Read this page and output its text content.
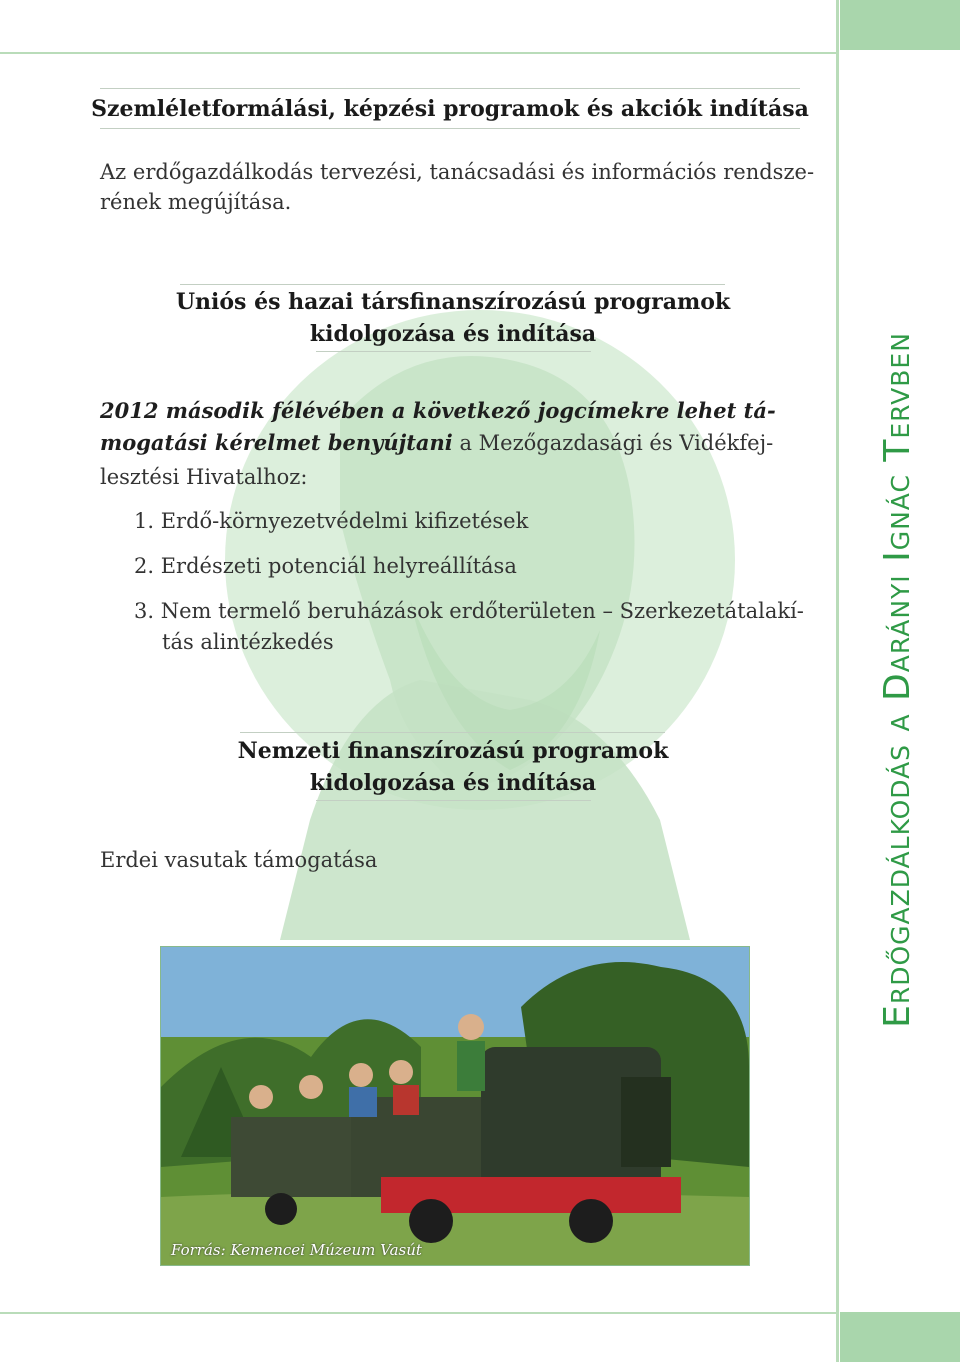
Erdőgazdálkodás a Darányi Ignác Tervben
Szemléletformálási, képzési programok és akciók indítása
Az erdőgazdálkodás tervezési, tanácsadási és információs rendsze-
rének megújítása.
Uniós és hazai társfinanszírozású programok
kidolgozása és indítása
2012 második félévében a következő jogcímekre lehet tá-
mogatási kérelmet benyújtani a Mezőgazdasági és Vidékfej-
lesztési Hivatalhoz:
1. Erdő-környezetvédelmi kifizetések
2. Erdészeti potenciál helyreállítása
3. Nem termelő beruházások erdőterületen – Szerkezetátalakí-
tás alintézkedés
Nemzeti finanszírozású programok
kidolgozása és indítása
Erdei vasutak támogatása
Forrás: Kemencei Múzeum Vasút
